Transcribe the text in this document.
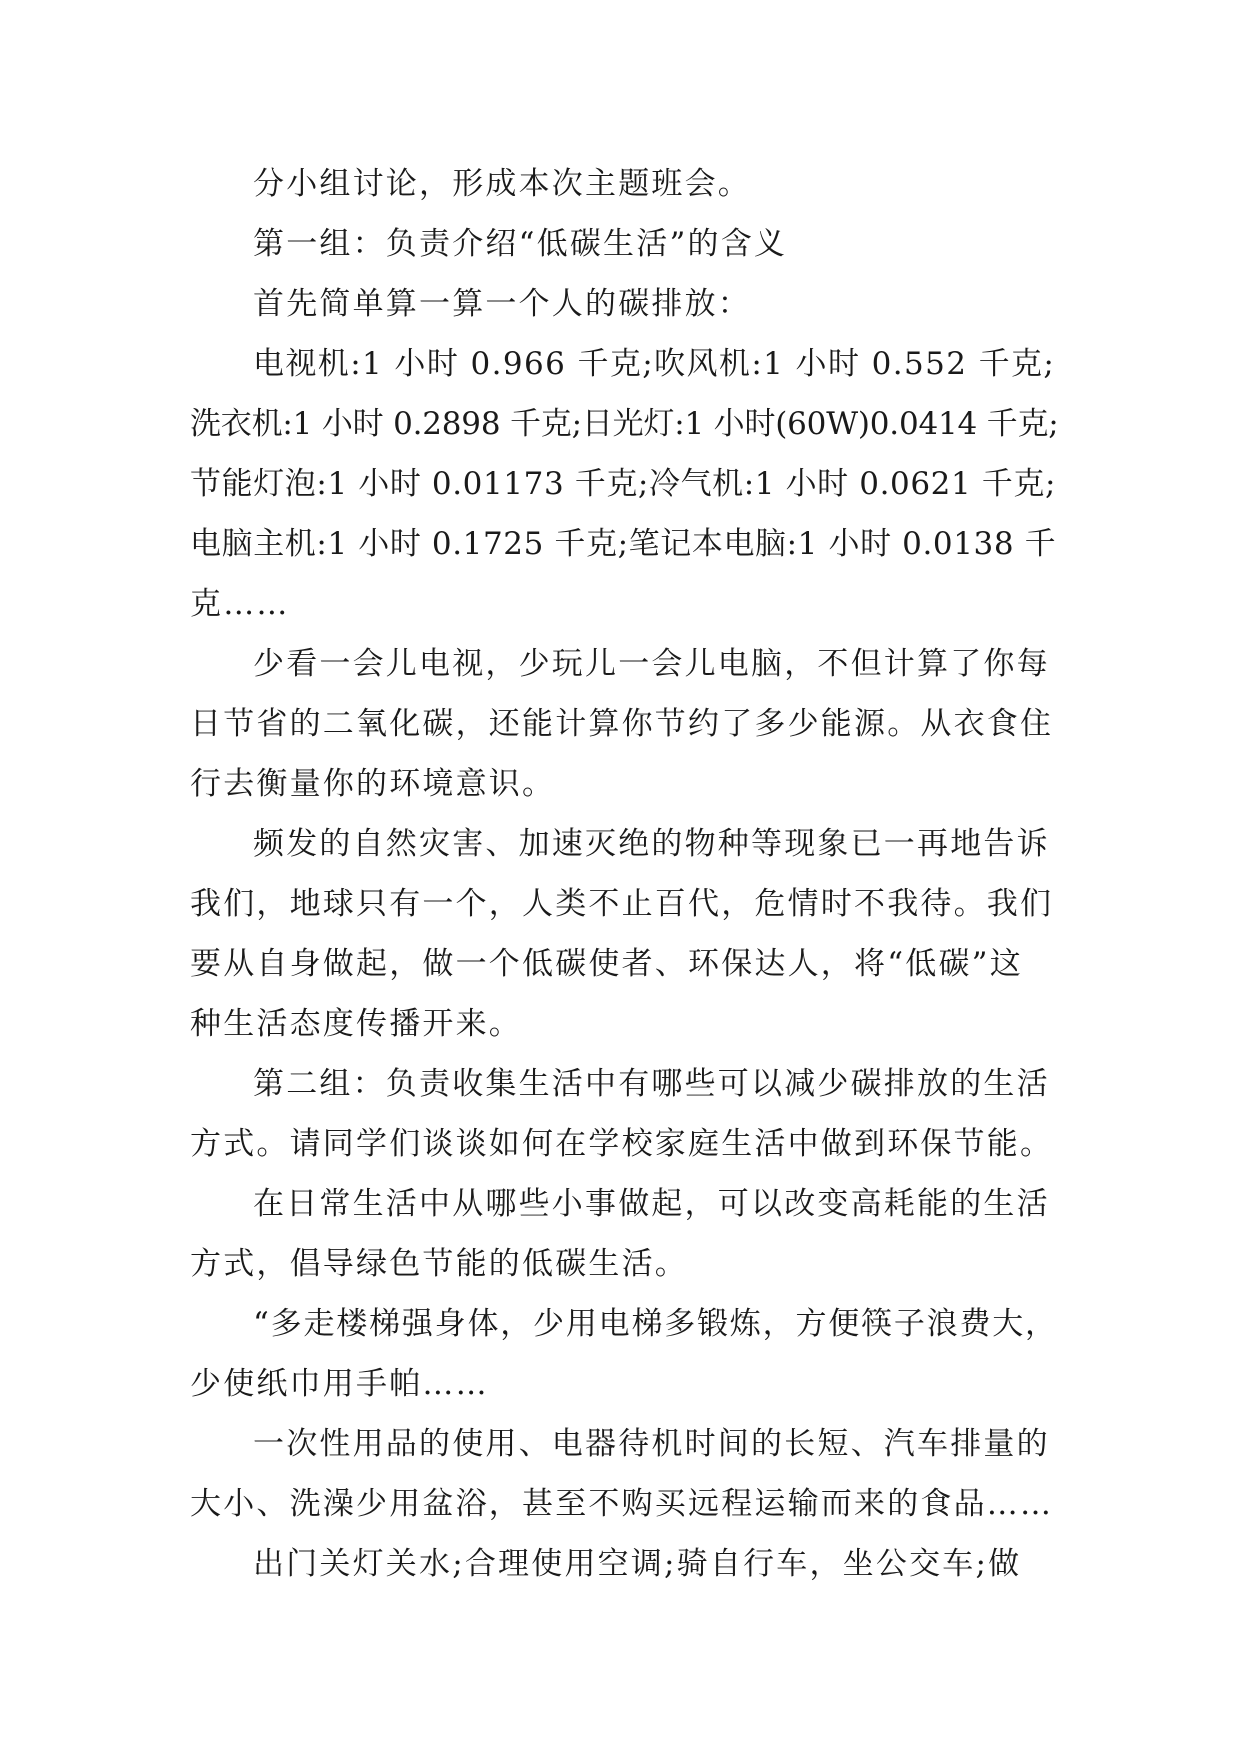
分小组讨论，形成本次主题班会。
第一组：负责介绍“低碳生活”的含义
首先简单算一算一个人的碳排放：
电视机:1 小时 0.966 千克;吹风机:1 小时 0.552 千克;
洗衣机:1 小时 0.2898 千克;日光灯:1 小时(60W)0.0414 千克;
节能灯泡:1 小时 0.01173 千克;冷气机:1 小时 0.0621 千克;
电脑主机:1 小时 0.1725 千克;笔记本电脑:1 小时 0.0138 千
克……
少看一会儿电视，少玩儿一会儿电脑，不但计算了你每
日节省的二氧化碳，还能计算你节约了多少能源。从衣食住
行去衡量你的环境意识。
频发的自然灾害、加速灭绝的物种等现象已一再地告诉
我们，地球只有一个，人类不止百代，危情时不我待。我们
要从自身做起，做一个低碳使者、环保达人，将“低碳”这
种生活态度传播开来。
第二组：负责收集生活中有哪些可以减少碳排放的生活
方式。请同学们谈谈如何在学校家庭生活中做到环保节能。
在日常生活中从哪些小事做起，可以改变高耗能的生活
方式，倡导绿色节能的低碳生活。
“多走楼梯强身体，少用电梯多锻炼，方便筷子浪费大，
少使纸巾用手帕……
一次性用品的使用、电器待机时间的长短、汽车排量的
大小、洗澡少用盆浴，甚至不购买远程运输而来的食品……
出门关灯关水;合理使用空调;骑自行车，坐公交车;做
